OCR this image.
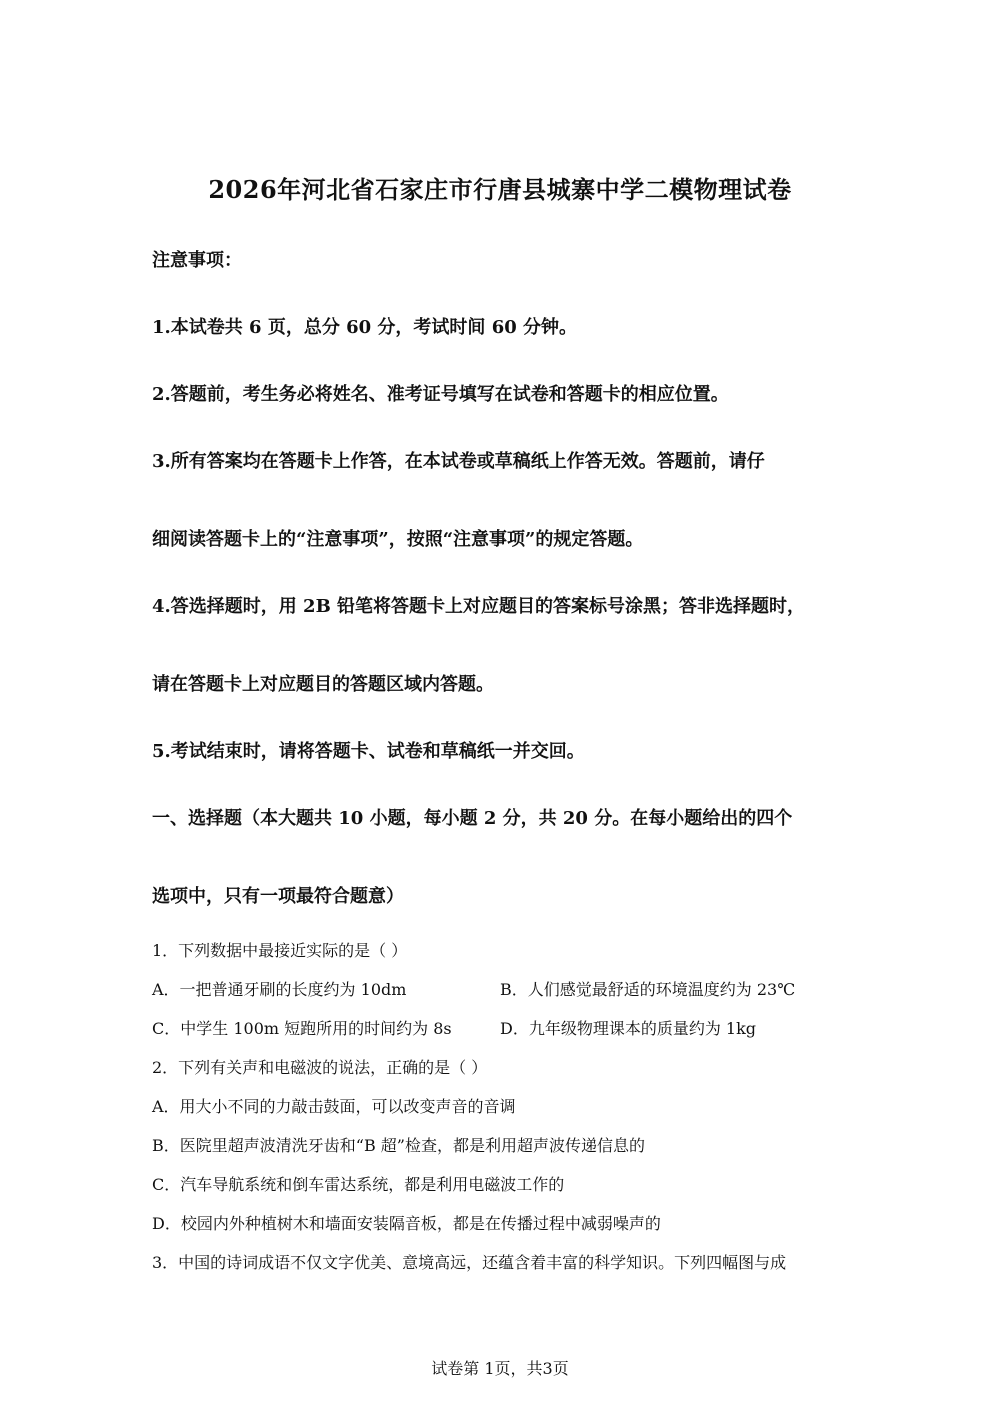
2026年河北省石家庄市行唐县城寨中学二模物理试卷
注意事项：
1.本试卷共 6 页，总分 60 分，考试时间 60 分钟。
2.答题前，考生务必将姓名、准考证号填写在试卷和答题卡的相应位置。
3.所有答案均在答题卡上作答，在本试卷或草稿纸上作答无效。答题前，请仔
细阅读答题卡上的“注意事项”，按照“注意事项”的规定答题。
4.答选择题时，用 2B 铅笔将答题卡上对应题目的答案标号涂黑；答非选择题时，
请在答题卡上对应题目的答题区域内答题。
5.考试结束时，请将答题卡、试卷和草稿纸一并交回。
一、选择题（本大题共 10 小题，每小题 2 分，共 20 分。在每小题给出的四个
选项中，只有一项最符合题意）
1．下列数据中最接近实际的是（ ）
A．一把普通牙刷的长度约为 10dm	B．人们感觉最舒适的环境温度约为 23℃
C．中学生 100m 短跑所用的时间约为 8s	D．九年级物理课本的质量约为 1kg
2．下列有关声和电磁波的说法，正确的是（ ）
A．用大小不同的力敲击鼓面，可以改变声音的音调
B．医院里超声波清洗牙齿和“B 超”检查，都是利用超声波传递信息的
C．汽车导航系统和倒车雷达系统，都是利用电磁波工作的
D．校园内外种植树木和墙面安装隔音板，都是在传播过程中减弱噪声的
3．中国的诗词成语不仅文字优美、意境高远，还蕴含着丰富的科学知识。下列四幅图与成
试卷第 1页，共3页
